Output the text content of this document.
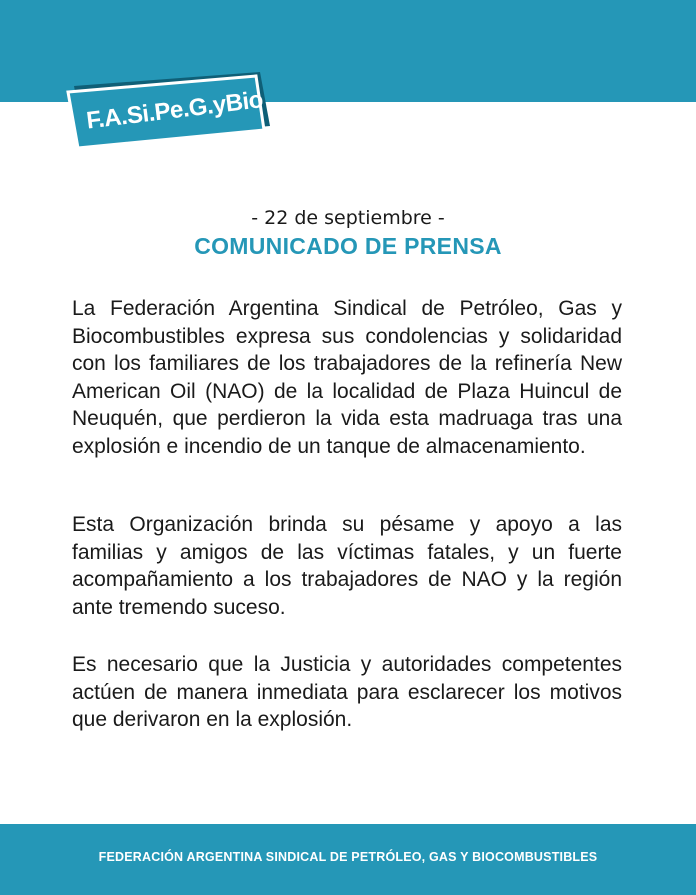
F.A.Si.Pe.G.yBio
- 22 de septiembre -
COMUNICADO DE PRENSA

La Federación Argentina Sindical de Petróleo, Gas y Biocombustibles expresa sus condolencias y solidaridad con los familiares de los trabajadores de la refinería New American Oil (NAO) de la localidad de Plaza Huincul de Neuquén, que perdieron la vida esta madruaga tras una explosión e incendio de un tanque de almacenamiento.

Esta Organización brinda su pésame y apoyo a las familias y amigos de las víctimas fatales, y un fuerte acompañamiento a los trabajadores de NAO y la región ante tremendo suceso.

Es necesario que la Justicia y autoridades competentes actúen de manera inmediata para esclarecer los motivos que derivaron en la explosión.

FEDERACIÓN ARGENTINA SINDICAL DE PETRÓLEO, GAS Y BIOCOMBUSTIBLES
